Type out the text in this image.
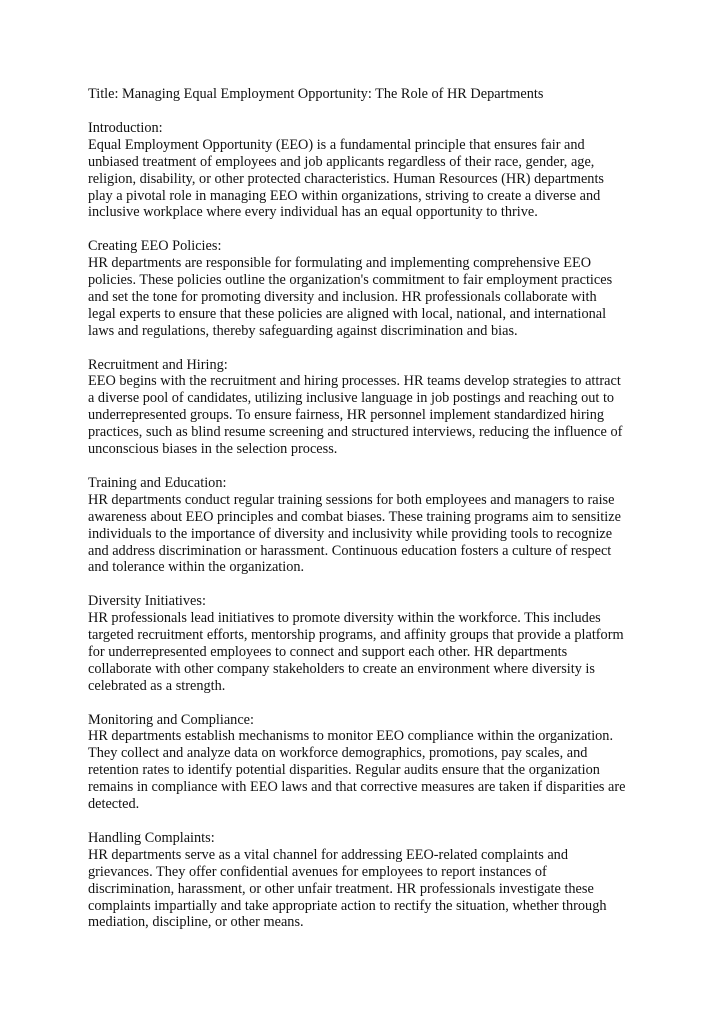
Title: Managing Equal Employment Opportunity: The Role of HR Departments

Introduction:

Equal Employment Opportunity (EEO) is a fundamental principle that ensures fair and
unbiased treatment of employees and job applicants regardless of their race, gender, age,
religion, disability, or other protected characteristics. Human Resources (HR) departments
play a pivotal role in managing EEO within organizations, striving to create a diverse and
inclusive workplace where every individual has an equal opportunity to thrive.

Creating EEO Policies:

HR departments are responsible for formulating and implementing comprehensive EEO
policies. These policies outline the organization's commitment to fair employment practices
and set the tone for promoting diversity and inclusion. HR professionals collaborate with
legal experts to ensure that these policies are aligned with local, national, and international
laws and regulations, thereby safeguarding against discrimination and bias.

Recruitment and Hiring:

EEO begins with the recruitment and hiring processes. HR teams develop strategies to attract
a diverse pool of candidates, utilizing inclusive language in job postings and reaching out to
underrepresented groups. To ensure fairness, HR personnel implement standardized hiring
practices, such as blind resume screening and structured interviews, reducing the influence of
unconscious biases in the selection process.

Training and Education:

HR departments conduct regular training sessions for both employees and managers to raise
awareness about EEO principles and combat biases. These training programs aim to sensitize
individuals to the importance of diversity and inclusivity while providing tools to recognize
and address discrimination or harassment. Continuous education fosters a culture of respect
and tolerance within the organization.

Diversity Initiatives:

HR professionals lead initiatives to promote diversity within the workforce. This includes
targeted recruitment efforts, mentorship programs, and affinity groups that provide a platform
for underrepresented employees to connect and support each other. HR departments
collaborate with other company stakeholders to create an environment where diversity is
celebrated as a strength.

Monitoring and Compliance:

HR departments establish mechanisms to monitor EEO compliance within the organization.
They collect and analyze data on workforce demographics, promotions, pay scales, and
retention rates to identify potential disparities. Regular audits ensure that the organization
remains in compliance with EEO laws and that corrective measures are taken if disparities are
detected.

Handling Complaints:

HR departments serve as a vital channel for addressing EEO-related complaints and
grievances. They offer confidential avenues for employees to report instances of
discrimination, harassment, or other unfair treatment. HR professionals investigate these
complaints impartially and take appropriate action to rectify the situation, whether through
mediation, discipline, or other means.
